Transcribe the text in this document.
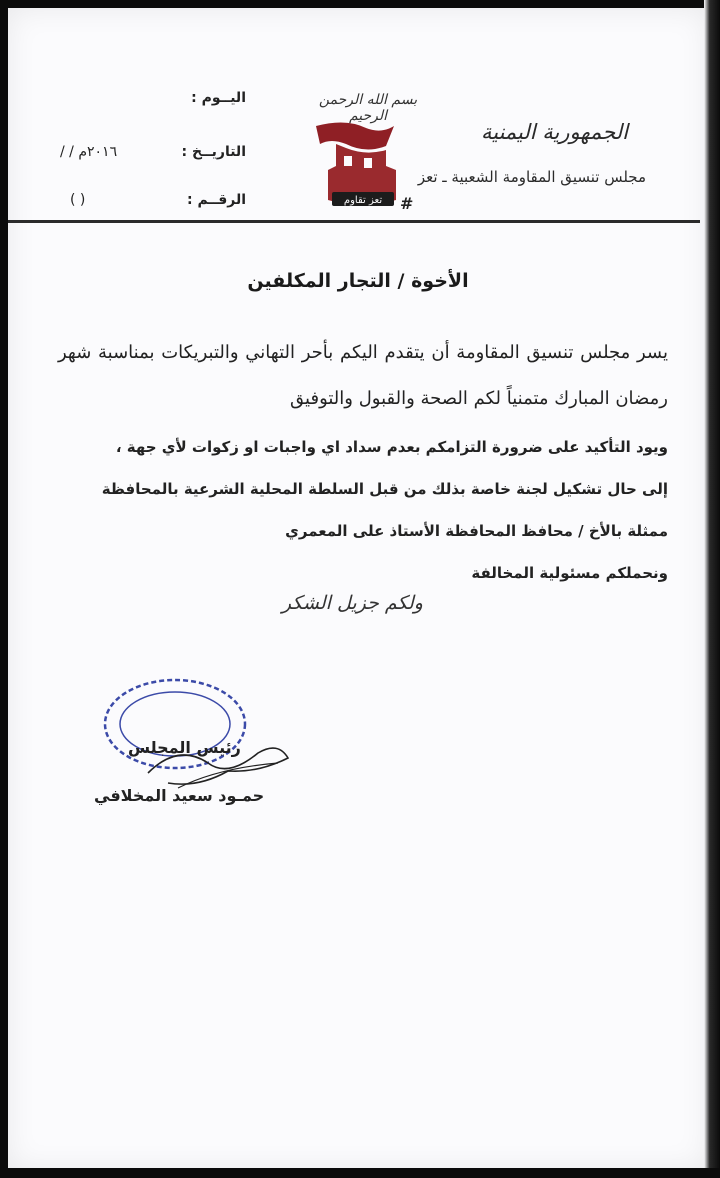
الجمهورية اليمنية
مجلس تنسيق المقاومة الشعبية ـ تعز
بسم الله الرحمن الرحيم
تعز تقاوم #
اليــوم :
التاريــخ :
/ / ٢٠١٦م
الرقــم :
( )
الأخوة / التجار المكلفين
يسر مجلس تنسيق المقاومة أن يتقدم اليكم بأحر التهاني والتبريكات بمناسبة شهر رمضان المبارك متمنياً لكم الصحة والقبول والتوفيق
ويود التأكيد على ضرورة التزامكم بعدم سداد اي واجبات او زكوات لأي جهة ،
إلى حال تشكيل لجنة خاصة بذلك من قبل السلطة المحلية الشرعية بالمحافظة
ممثلة بالأخ / محافظ المحافظة الأستاذ على المعمري
ونحملكم مسئولية المخالفة
ولكم جزيل الشكر
رئيس المجلس
حمـود سعيد المخلافي
